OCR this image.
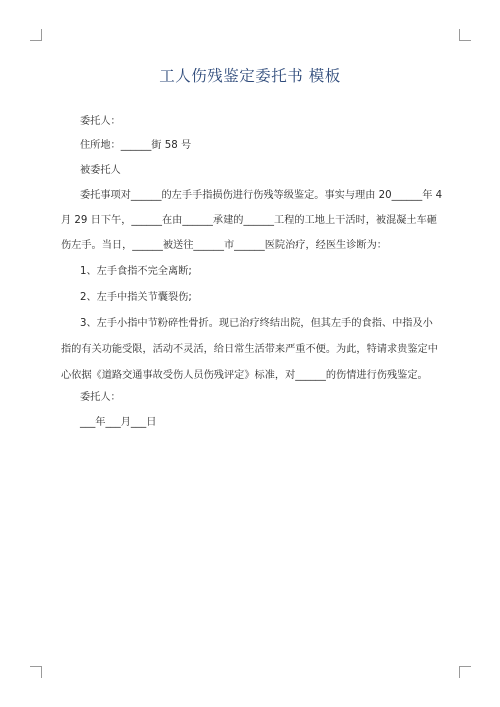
工人伤残鉴定委托书 模板
委托人：
住所地：______街 58 号
被委托人
委托事项对______的左手手指损伤进行伤残等级鉴定。事实与理由 20______年 4
月 29 日下午，______在由______承建的______工程的工地上干活时，被混凝土车砸
伤左手。当日，______被送往______市______医院治疗，经医生诊断为：
1、左手食指不完全离断;
2、左手中指关节囊裂伤;
3、左手小指中节粉碎性骨折。现已治疗终结出院，但其左手的食指、中指及小
指的有关功能受限，活动不灵活，给日常生活带来严重不便。为此，特请求贵鉴定中
心依据《道路交通事故受伤人员伤残评定》标准，对______的伤情进行伤残鉴定。
委托人：
___年___月___日
